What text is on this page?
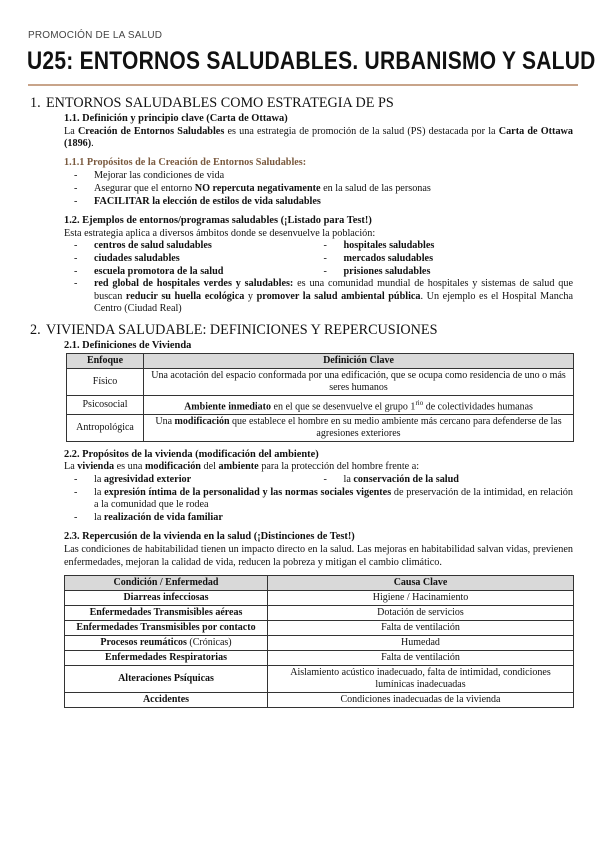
PROMOCIÓN DE LA SALUD
U25: ENTORNOS SALUDABLES. URBANISMO Y SALUD
1. ENTORNOS SALUDABLES COMO ESTRATEGIA DE PS
1.1. Definición y principio clave (Carta de Ottawa)
La Creación de Entornos Saludables es una estrategia de promoción de la salud (PS) destacada por la Carta de Ottawa (1896).
1.1.1 Propósitos de la Creación de Entornos Saludables:
- Mejorar las condiciones de vida
- Asegurar que el entorno NO repercuta negativamente en la salud de las personas
- FACILITAR la elección de estilos de vida saludables
1.2. Ejemplos de entornos/programas saludables (¡Listado para Test!)
Esta estrategia aplica a diversos ámbitos donde se desenvuelve la población:
- centros de salud saludables	- hospitales saludables
- ciudades saludables	- mercados saludables
- escuela promotora de la salud	- prisiones saludables
- red global de hospitales verdes y saludables: es una comunidad mundial de hospitales y sistemas de salud que buscan reducir su huella ecológica y promover la salud ambiental pública. Un ejemplo es el Hospital Mancha Centro (Ciudad Real)
2. VIVIENDA SALUDABLE: DEFINICIONES Y REPERCUSIONES
2.1. Definiciones de Vivienda
Enfoque	Definición Clave
Físico	Una acotación del espacio conformada por una edificación, que se ocupa como residencia de uno o más seres humanos
Psicosocial	Ambiente inmediato en el que se desenvuelve el grupo $1^{rio}$ de colectividades humanas
Antropológica	Una modificación que establece el hombre en su medio ambiente más cercano para defenderse de las agresiones exteriores
2.2. Propósitos de la vivienda (modificación del ambiente)
La vivienda es una modificación del ambiente para la protección del hombre frente a:
- la agresividad exterior	- la conservación de la salud
- la expresión íntima de la personalidad y las normas sociales vigentes de preservación de la intimidad, en relación a la comunidad que le rodea
- la realización de vida familiar
2.3. Repercusión de la vivienda en la salud (¡Distinciones de Test!)
Las condiciones de habitabilidad tienen un impacto directo en la salud. Las mejoras en habitabilidad salvan vidas, previenen enfermedades, mejoran la calidad de vida, reducen la pobreza y mitigan el cambio climático.
Condición / Enfermedad	Causa Clave
Diarreas infecciosas	Higiene / Hacinamiento
Enfermedades Transmisibles aéreas	Dotación de servicios
Enfermedades Transmisibles por contacto	Falta de ventilación
Procesos reumáticos (Crónicas)	Humedad
Enfermedades Respiratorias	Falta de ventilación
Alteraciones Psíquicas	Aislamiento acústico inadecuado, falta de intimidad, condiciones lumínicas inadecuadas
Accidentes	Condiciones inadecuadas de la vivienda
